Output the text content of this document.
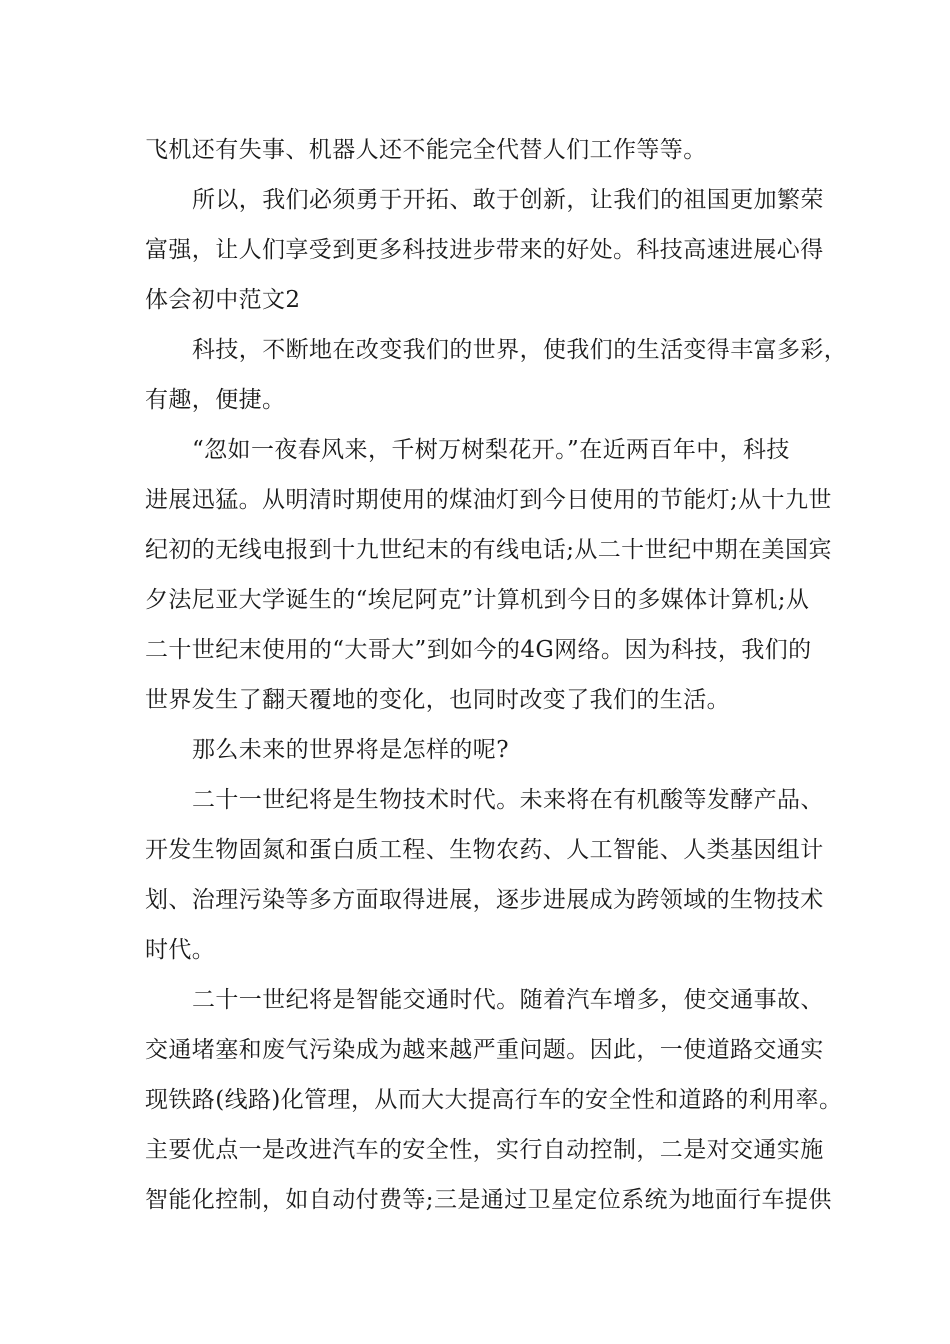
飞机还有失事、机器人还不能完全代替人们工作等等。
所以，我们必须勇于开拓、敢于创新，让我们的祖国更加繁荣
富强，让人们享受到更多科技进步带来的好处。科技高速进展心得
体会初中范文2
科技，不断地在改变我们的世界，使我们的生活变得丰富多彩，
有趣，便捷。
“忽如一夜春风来，千树万树梨花开。”在近两百年中，科技
进展迅猛。从明清时期使用的煤油灯到今日使用的节能灯;从十九世
纪初的无线电报到十九世纪末的有线电话;从二十世纪中期在美国宾
夕法尼亚大学诞生的“埃尼阿克”计算机到今日的多媒体计算机;从
二十世纪末使用的“大哥大”到如今的4G网络。因为科技，我们的
世界发生了翻天覆地的变化，也同时改变了我们的生活。
那么未来的世界将是怎样的呢?
二十一世纪将是生物技术时代。未来将在有机酸等发酵产品、
开发生物固氮和蛋白质工程、生物农药、人工智能、人类基因组计
划、治理污染等多方面取得进展，逐步进展成为跨领域的生物技术
时代。
二十一世纪将是智能交通时代。随着汽车增多，使交通事故、
交通堵塞和废气污染成为越来越严重问题。因此，一使道路交通实
现铁路(线路)化管理，从而大大提高行车的安全性和道路的利用率。
主要优点一是改进汽车的安全性，实行自动控制，二是对交通实施
智能化控制，如自动付费等;三是通过卫星定位系统为地面行车提供
